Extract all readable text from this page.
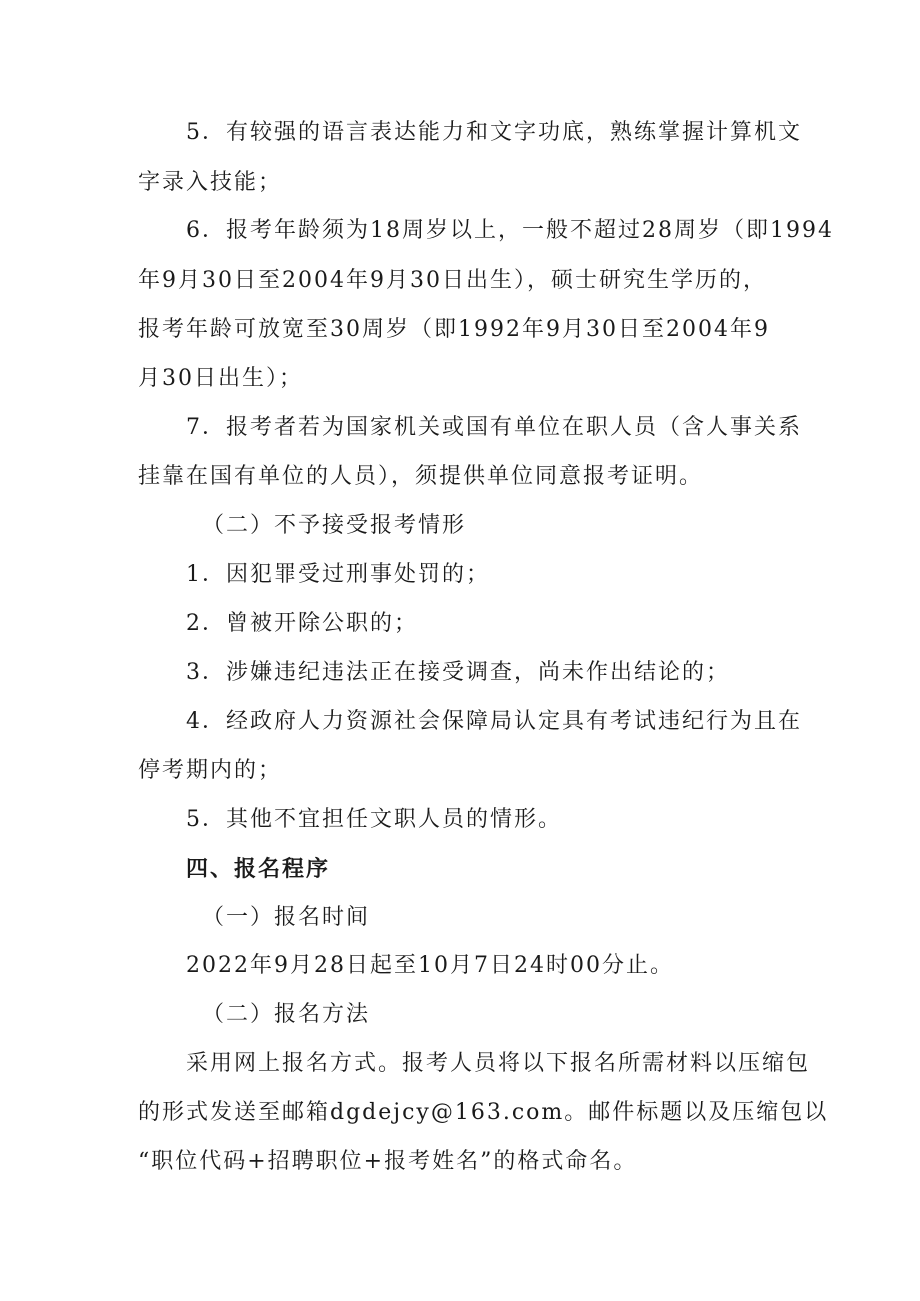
5．有较强的语言表达能力和文字功底，熟练掌握计算机文
字录入技能；
6．报考年龄须为18周岁以上，一般不超过28周岁（即1994
年9月30日至2004年9月30日出生），硕士研究生学历的，
报考年龄可放宽至30周岁（即1992年9月30日至2004年9
月30日出生）；
7．报考者若为国家机关或国有单位在职人员（含人事关系
挂靠在国有单位的人员），须提供单位同意报考证明。
（二）不予接受报考情形
1．因犯罪受过刑事处罚的；
2．曾被开除公职的；
3．涉嫌违纪违法正在接受调查，尚未作出结论的；
4．经政府人力资源社会保障局认定具有考试违纪行为且在
停考期内的；
5．其他不宜担任文职人员的情形。
四、报名程序
（一）报名时间
2022年9月28日起至10月7日24时00分止。
（二）报名方法
采用网上报名方式。报考人员将以下报名所需材料以压缩包
的形式发送至邮箱dgdejcy@163.com。邮件标题以及压缩包以
“职位代码+招聘职位+报考姓名”的格式命名。
